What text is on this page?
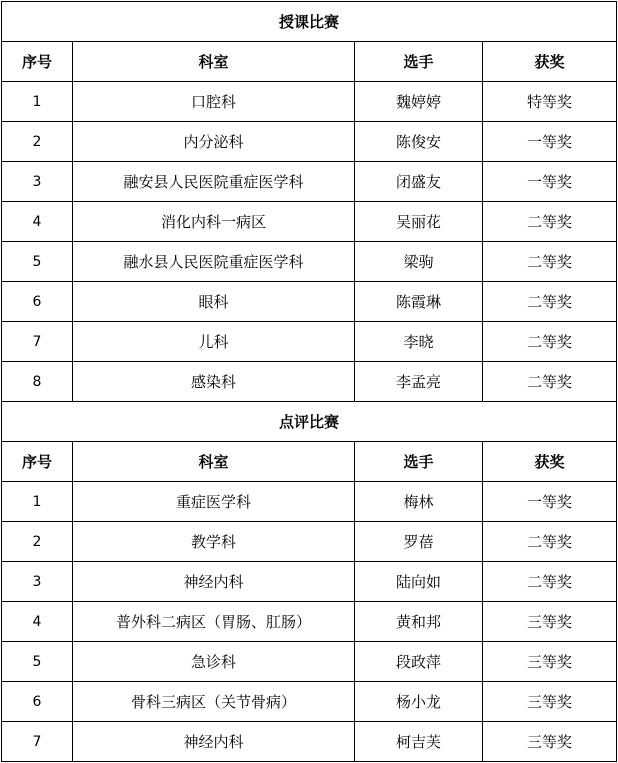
授课比赛			
序号	科室	选手	获奖
1	口腔科	魏婷婷	特等奖
2	内分泌科	陈俊安	一等奖
3	融安县人民医院重症医学科	闭盛友	一等奖
4	消化内科一病区	吴丽花	二等奖
5	融水县人民医院重症医学科	梁驹	二等奖
6	眼科	陈霞琳	二等奖
7	儿科	李晓	二等奖
8	感染科	李孟亮	二等奖
点评比赛			
序号	科室	选手	获奖
1	重症医学科	梅林	一等奖
2	教学科	罗蓓	二等奖
3	神经内科	陆向如	二等奖
4	普外科二病区（胃肠、肛肠）	黄和邦	三等奖
5	急诊科	段政萍	三等奖
6	骨科三病区（关节骨病）	杨小龙	三等奖
7	神经内科	柯吉芙	三等奖
